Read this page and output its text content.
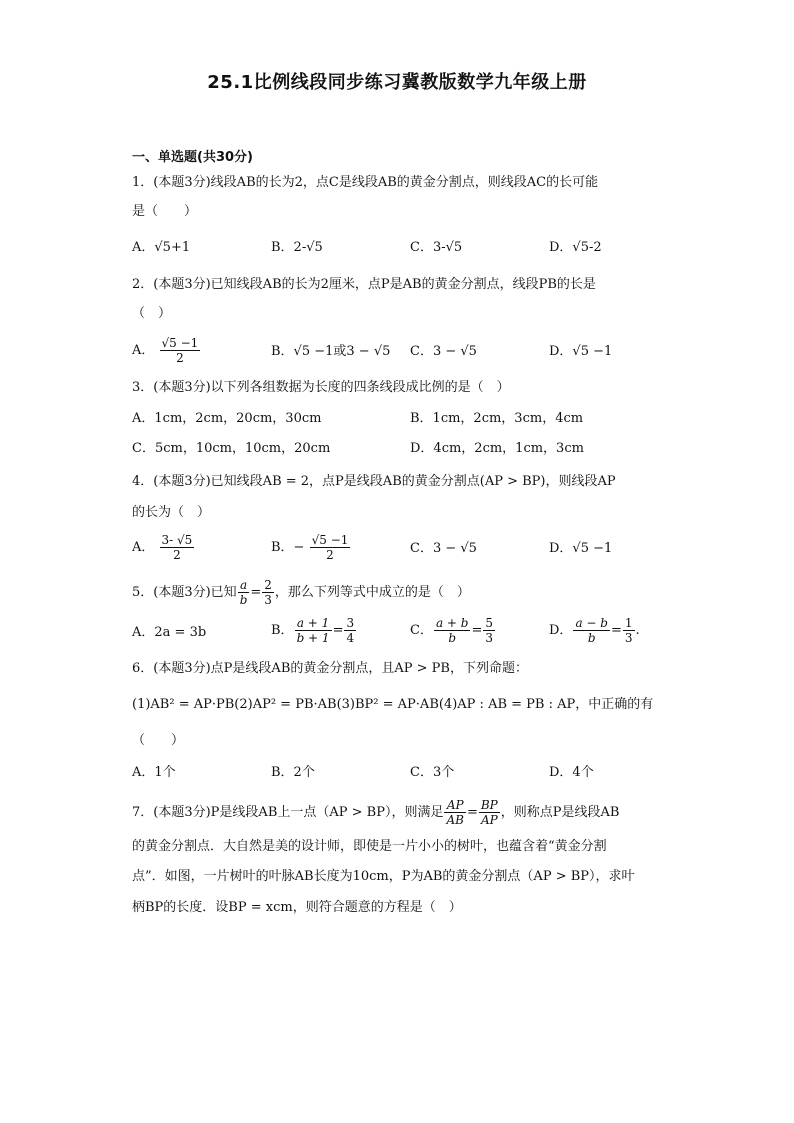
25.1比例线段同步练习冀教版数学九年级上册
一、单选题(共30分)
1．(本题3分)线段AB的长为2，点C是线段AB的黄金分割点，则线段AC的长可能
是（　　）
A．√5+1	B．2-√5	C．3-√5	D．√5-2
2．(本题3分)已知线段AB的长为2厘米，点P是AB的黄金分割点，线段PB的长是
（　）
A． $\frac{√5 -1}{2}$	B．√5 −1或3 − √5 C．3 − √5	D．√5 −1
3．(本题3分)以下列各组数据为长度的四条线段成比例的是（　）
A．1cm，2cm，20cm，30cm	B．1cm，2cm，3cm，4cm
C．5cm，10cm，10cm，20cm	D．4cm，2cm，1cm，3cm
4．(本题3分)已知线段AB = 2，点P是线段AB的黄金分割点(AP > BP)，则线段AP
的长为（　）
A． $\frac{3- √5}{2}$	B．− $\frac{√5 -1}{2}$	C．3 − √5	D．√5 −1
5．(本题3分)已知 $\frac{a}{b} = \frac{2}{3}$ ，那么下列等式中成立的是（　）
A．2a = 3b	B． $\frac{a + 1}{b + 1} = \frac{3}{4}$	C． $\frac{a + b}{b} = \frac{5}{3}$	D． $\frac{a - b}{b} = \frac{1}{3}$ .
6．(本题3分)点P是线段AB的黄金分割点，且AP > PB，下列命题：
(1)AB² = AP·PB(2)AP² = PB·AB(3)BP² = AP·AB(4)AP : AB = PB : AP，中正确的有
（　　）
A．1个	B．2个	C．3个	D．4个
7．(本题3分)P是线段AB上一点（AP > BP），则满足 $\frac{AP}{AB} = \frac{BP}{AP}$ ，则称点P是线段AB
的黄金分割点．大自然是美的设计师，即使是一片小小的树叶，也蕴含着“黄金分割
点”．如图，一片树叶的叶脉AB长度为10cm，P为AB的黄金分割点（AP > BP），求叶
柄BP的长度．设BP = xcm，则符合题意的方程是（　）
